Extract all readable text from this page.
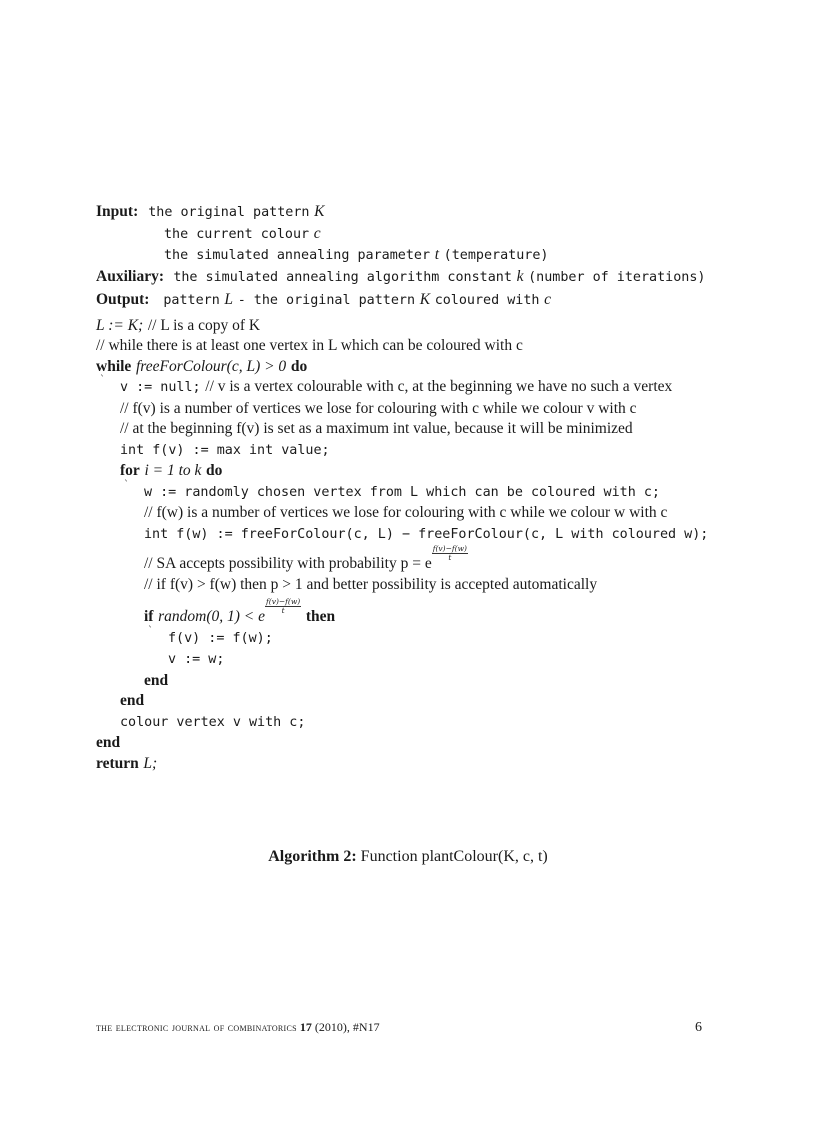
Input: the original pattern K
the current colour c
the simulated annealing parameter t (temperature)
Auxiliary: the simulated annealing algorithm constant k (number of iterations)
Output: pattern L - the original pattern K coloured with c
L := K; // L is a copy of K
// while there is at least one vertex in L which can be coloured with c
while freeForColour(c, L) > 0 do
` v := null; // v is a vertex colourable with c, at the beginning we have no such a vertex
// f(v) is a number of vertices we lose for colouring with c while we colour v with c
// at the beginning f(v) is set as a maximum int value, because it will be minimized
int f(v) := max int value;
for i = 1 to k do
` w := randomly chosen vertex from L which can be coloured with c;
// f(w) is a number of vertices we lose for colouring with c while we colour w with c
int f(w) := freeForColour(c, L) − freeForColour(c, L with coloured w);
// SA accepts possibility with probability p = e
$\frac{f(v)-f(w)}{t}$
// if f(v) > f(w) then p > 1 and better possibility is accepted automatically
if random(0, 1) < e
$\frac{f(v)-f(w)}{t}$
then
` f(v) := f(w);
v := w;
end
end
colour vertex v with c;
end
return L;
Algorithm 2: Function plantColour(K, c, t)
the electronic journal of combinatorics 17 (2010), #N17	6
